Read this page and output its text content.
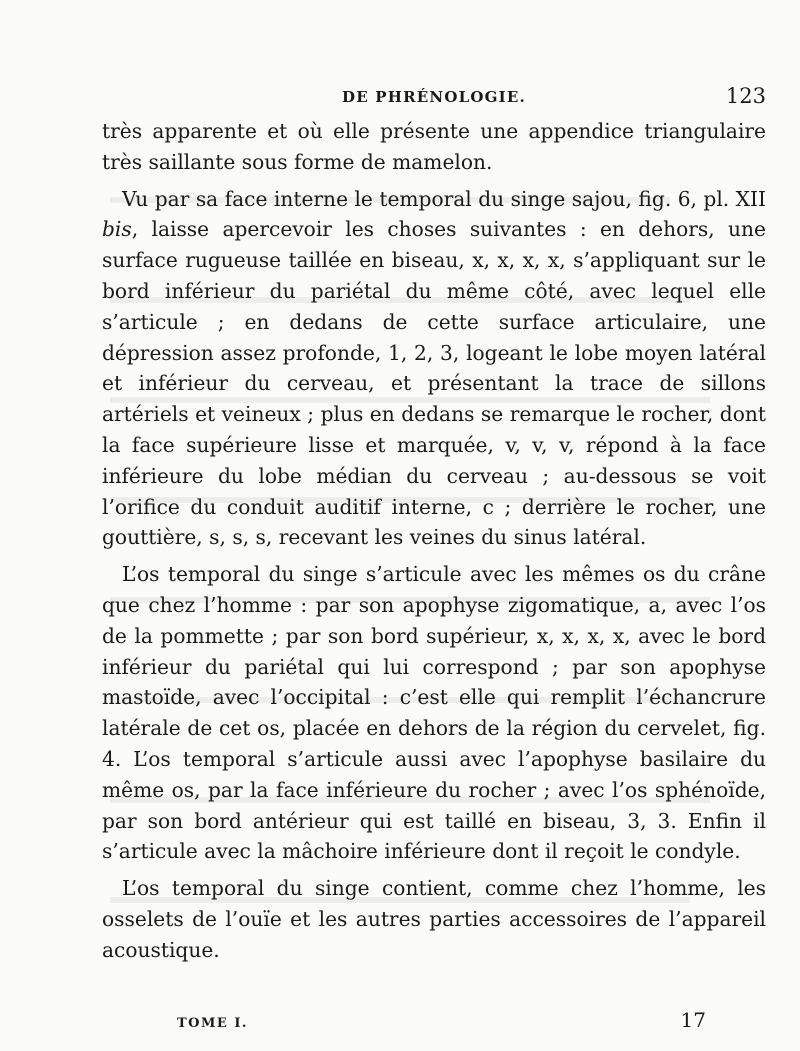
DE PHRÉNOLOGIE.	123

très apparente et où elle présente une appendice triangulaire très saillante sous forme de mamelon.

Vu par sa face interne le temporal du singe sajou, fig. 6, pl. XII bis, laisse apercevoir les choses suivantes : en dehors, une surface rugueuse taillée en biseau, x, x, x, x, s’appliquant sur le bord inférieur du pariétal du même côté, avec lequel elle s’articule ; en dedans de cette surface articulaire, une dépression assez profonde, 1, 2, 3, logeant le lobe moyen latéral et inférieur du cerveau, et présentant la trace de sillons artériels et veineux ; plus en dedans se remarque le rocher, dont la face supérieure lisse et marquée, v, v, v, répond à la face inférieure du lobe médian du cerveau ; au-dessous se voit l’orifice du conduit auditif interne, c ; derrière le rocher, une gouttière, s, s, s, recevant les veines du sinus latéral.

L’os temporal du singe s’articule avec les mêmes os du crâne que chez l’homme : par son apophyse zigomatique, a, avec l’os de la pommette ; par son bord supérieur, x, x, x, x, avec le bord inférieur du pariétal qui lui correspond ; par son apophyse mastoïde, avec l’occipital : c’est elle qui remplit l’échancrure latérale de cet os, placée en dehors de la région du cervelet, fig. 4. L’os temporal s’articule aussi avec l’apophyse basilaire du même os, par la face inférieure du rocher ; avec l’os sphénoïde, par son bord antérieur qui est taillé en biseau, 3, 3. Enfin il s’articule avec la mâchoire inférieure dont il reçoit le condyle.

L’os temporal du singe contient, comme chez l’homme, les osselets de l’ouïe et les autres parties accessoires de l’appareil acoustique.

TOME I.	17
